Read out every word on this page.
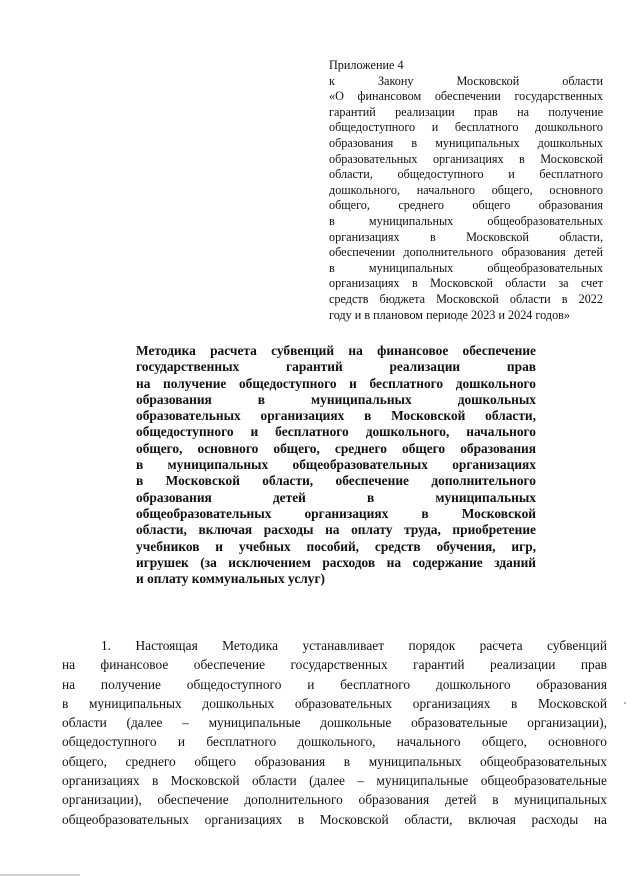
Приложение 4
к Закону Московской области
«О финансовом обеспечении государственных
гарантий реализации прав на получение
общедоступного и бесплатного дошкольного
образования в муниципальных дошкольных
образовательных организациях в Московской
области, общедоступного и бесплатного
дошкольного, начального общего, основного
общего, среднего общего образования
в муниципальных общеобразовательных
организациях в Московской области,
обеспечении дополнительного образования детей
в муниципальных общеобразовательных
организациях в Московской области за счет
средств бюджета Московской области в 2022
году и в плановом периоде 2023 и 2024 годов»
Методика расчета субвенций на финансовое обеспечение
государственных гарантий реализации прав
на получение общедоступного и бесплатного дошкольного
образования в муниципальных дошкольных
образовательных организациях в Московской области,
общедоступного и бесплатного дошкольного, начального
общего, основного общего, среднего общего образования
в муниципальных общеобразовательных организациях
в Московской области, обеспечение дополнительного
образования детей в муниципальных
общеобразовательных организациях в Московской
области, включая расходы на оплату труда, приобретение
учебников и учебных пособий, средств обучения, игр,
игрушек (за исключением расходов на содержание зданий
и оплату коммунальных услуг)
1. Настоящая Методика устанавливает порядок расчета субвенций
на финансовое обеспечение государственных гарантий реализации прав
на получение общедоступного и бесплатного дошкольного образования
в муниципальных дошкольных образовательных организациях в Московской
области (далее – муниципальные дошкольные образовательные организации),
общедоступного и бесплатного дошкольного, начального общего, основного
общего, среднего общего образования в муниципальных общеобразовательных
организациях в Московской области (далее – муниципальные общеобразовательные
организации), обеспечение дополнительного образования детей в муниципальных
общеобразовательных организациях в Московской области, включая расходы на
